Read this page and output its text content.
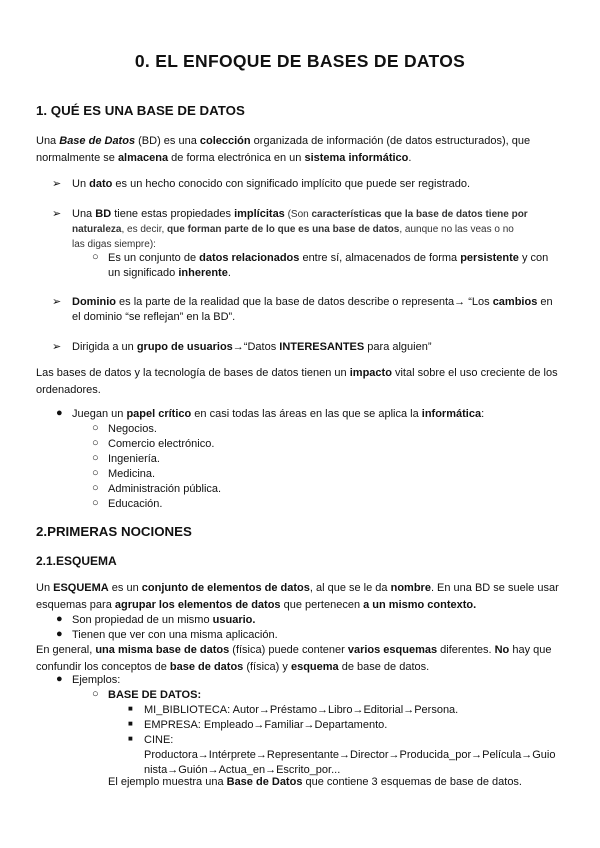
0. EL ENFOQUE DE BASES DE DATOS
1. QUÉ ES UNA BASE DE DATOS
Una Base de Datos (BD) es una colección organizada de información (de datos estructurados), que
normalmente se almacena de forma electrónica en un sistema informático.
➢ Un dato es un hecho conocido con significado implícito que puede ser registrado.
➢ Una BD tiene estas propiedades implícitas (Son características que la base de datos tiene por
naturaleza, es decir, que forman parte de lo que es una base de datos, aunque no las veas o no
las digas siempre):
○ Es un conjunto de datos relacionados entre sí, almacenados de forma persistente y con
un significado inherente.
➢ Dominio es la parte de la realidad que la base de datos describe o representa→ “Los cambios en
el dominio “se reflejan” en la BD”.
➢ Dirigida a un grupo de usuarios→“Datos INTERESANTES para alguien”
Las bases de datos y la tecnología de bases de datos tienen un impacto vital sobre el uso creciente de los
ordenadores.
● Juegan un papel crítico en casi todas las áreas en las que se aplica la informática:
○ Negocios.
○ Comercio electrónico.
○ Ingeniería.
○ Medicina.
○ Administración pública.
○ Educación.
2.PRIMERAS NOCIONES
2.1.ESQUEMA
Un ESQUEMA es un conjunto de elementos de datos, al que se le da nombre. En una BD se suele usar
esquemas para agrupar los elementos de datos que pertenecen a un mismo contexto.
● Son propiedad de un mismo usuario.
● Tienen que ver con una misma aplicación.
En general, una misma base de datos (física) puede contener varios esquemas diferentes. No hay que
confundir los conceptos de base de datos (física) y esquema de base de datos.
● Ejemplos:
○ BASE DE DATOS:
■ MI_BIBLIOTECA: Autor→Préstamo→Libro→Editorial→Persona.
■ EMPRESA: Empleado→Familiar→Departamento.
■ CINE:
Productora→Intérprete→Representante→Director→Producida_por→Película→Guio
nista→Guión→Actua_en→Escrito_por...
El ejemplo muestra una Base de Datos que contiene 3 esquemas de base de datos.
